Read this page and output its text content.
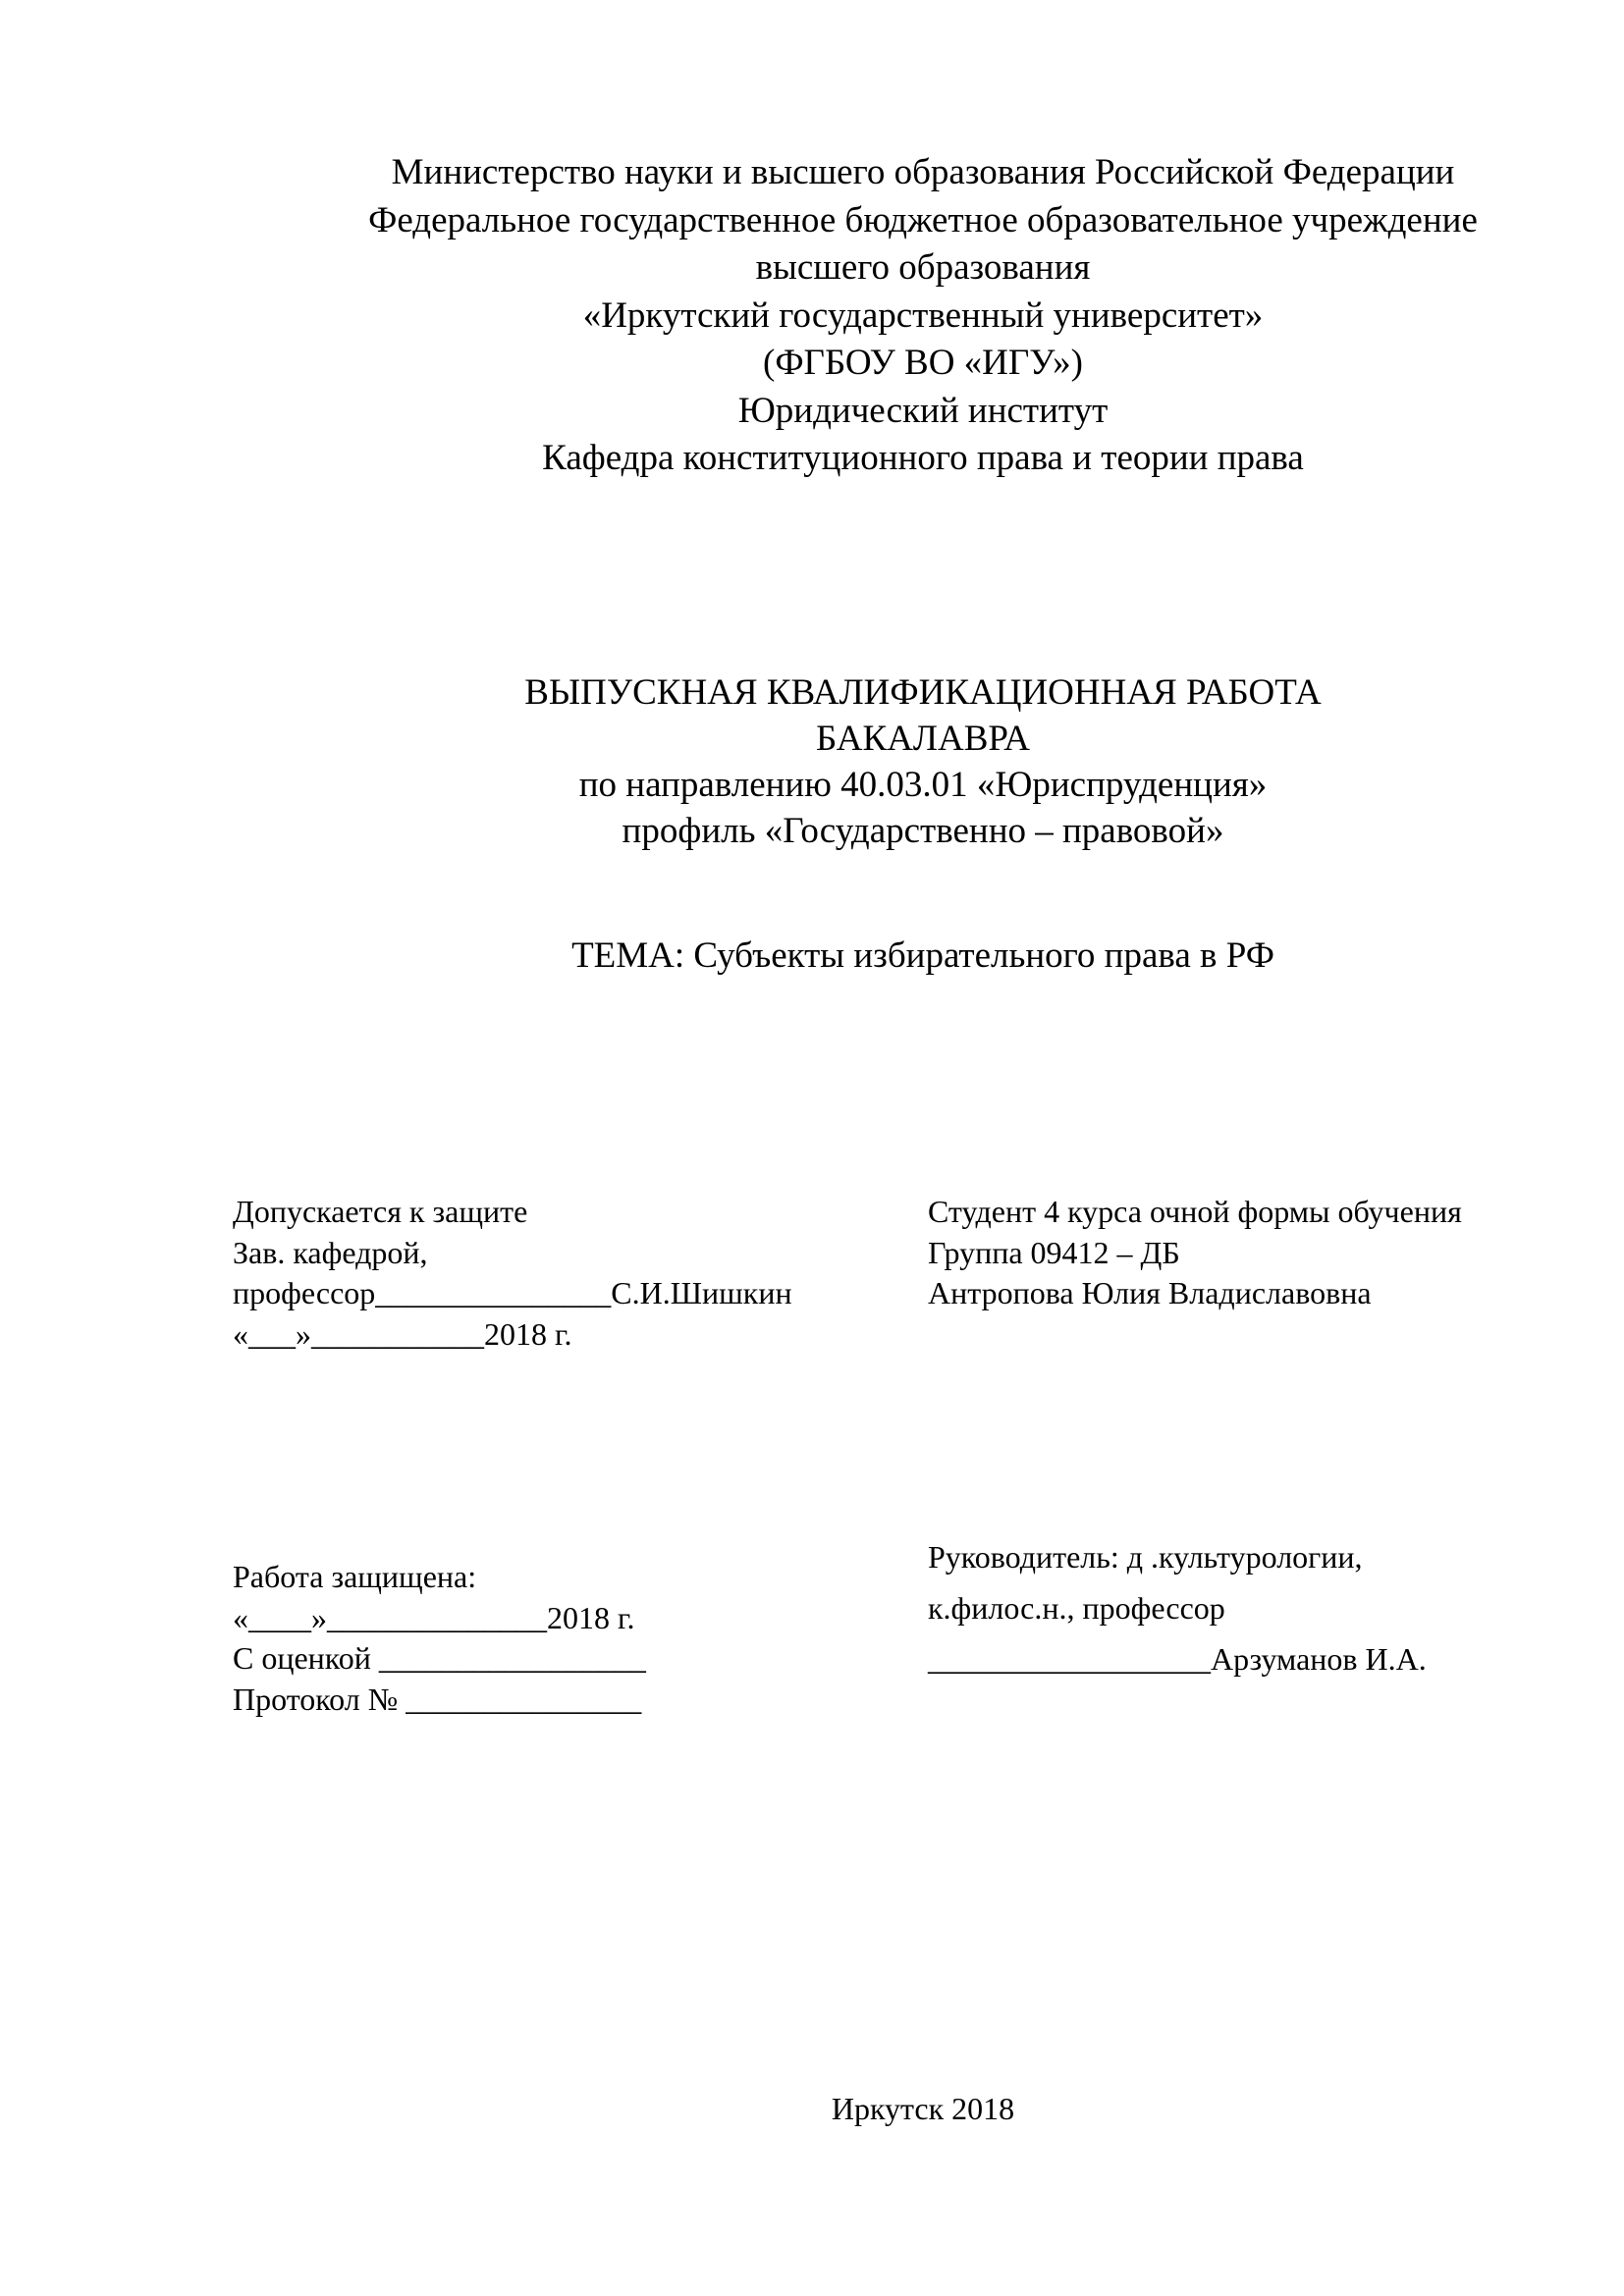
Министерство науки и высшего образования Российской Федерации
Федеральное государственное бюджетное образовательное учреждение
высшего образования
«Иркутский государственный университет»
(ФГБОУ ВО «ИГУ»)
Юридический институт
Кафедра конституционного права и теории права
ВЫПУСКНАЯ КВАЛИФИКАЦИОННАЯ РАБОТА
БАКАЛАВРА
по направлению 40.03.01 «Юриспруденция»
профиль «Государственно – правовой»
ТЕМА: Субъекты избирательного права в РФ
Допускается к защите
Зав. кафедрой,
профессор_______________С.И.Шишкин
«___»___________2018 г.
Студент 4 курса очной формы обучения
Группа 09412 – ДБ
Антропова Юлия Владиславовна
Работа защищена:
«____»______________2018 г.
С оценкой _________________
Протокол № _______________
Руководитель: д .культурологии,
к.филос.н., профессор
__________________Арзуманов И.А.
Иркутск 2018
